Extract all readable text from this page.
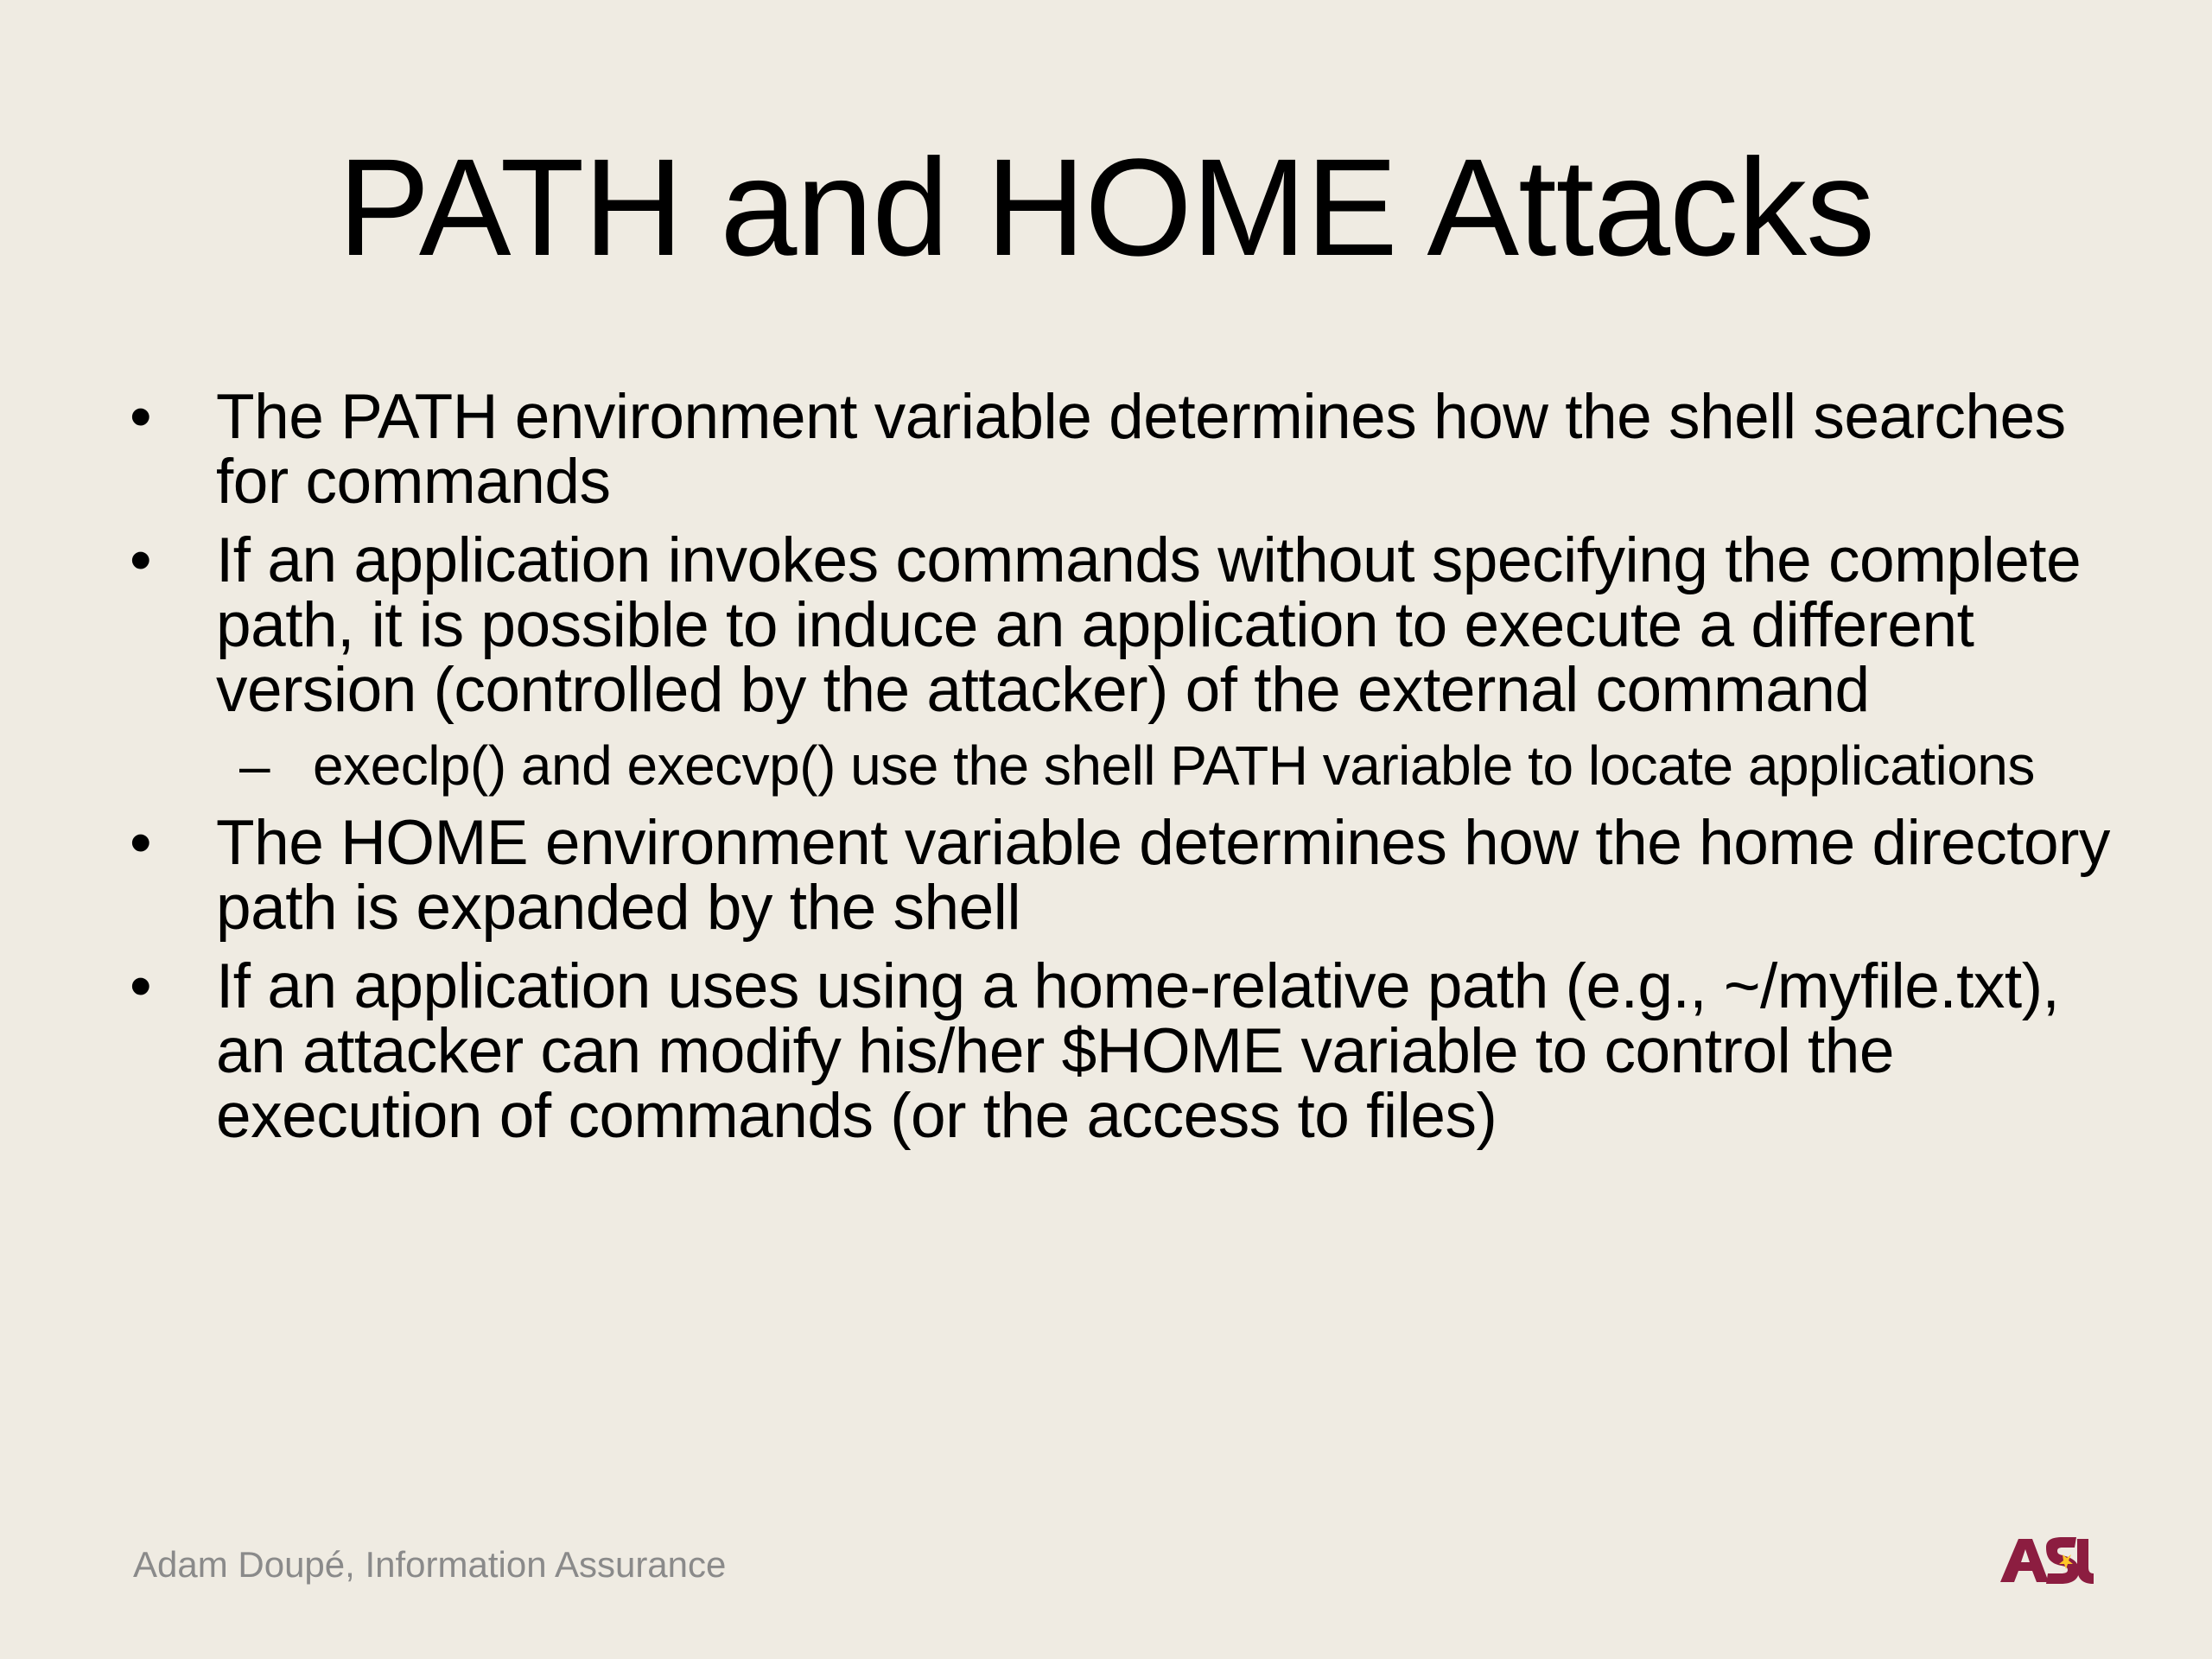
PATH and HOME Attacks
•	The PATH environment variable determines how the shell searches for commands
•	If an application invokes commands without specifying the complete path, it is possible to induce an application to execute a different version (controlled by the attacker) of the external command
– execlp() and execvp() use the shell PATH variable to locate applications
•	The HOME environment variable determines how the home directory path is expanded by the shell
•	If an application uses using a home-relative path (e.g., ~/myfile.txt), an attacker can modify his/her $HOME variable to control the execution of commands (or the access to files)
Adam Doupé, Information Assurance
